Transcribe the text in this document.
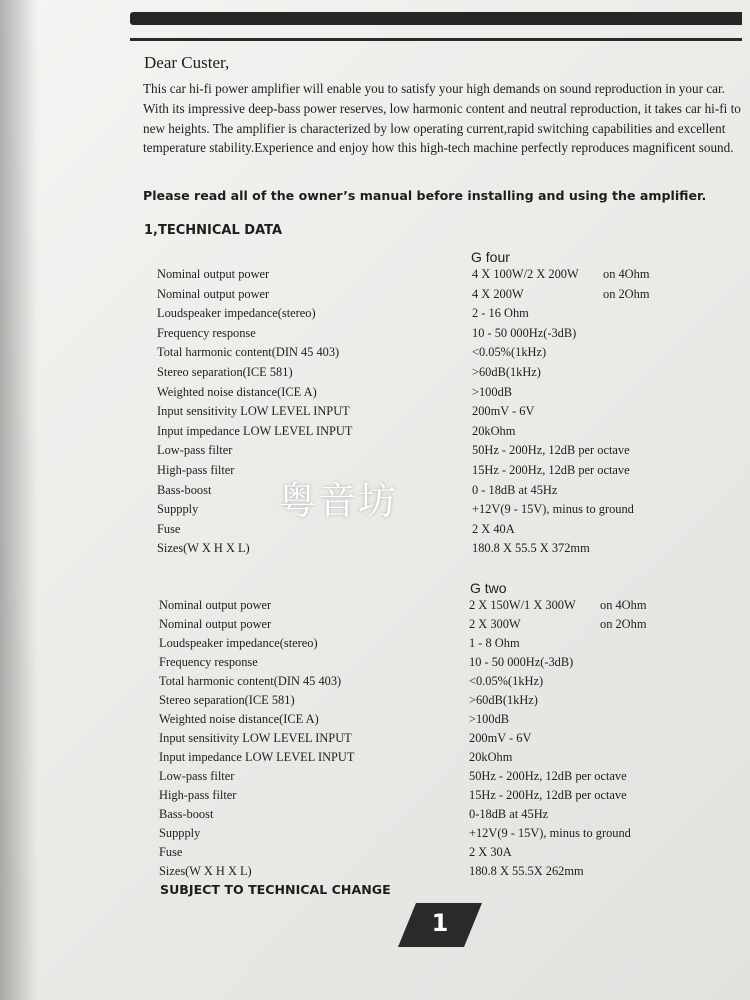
Dear Custer,
This car hi-fi power amplifier will enable you to satisfy your high demands on sound reproduction in your car. With its impressive deep-bass power reserves, low harmonic content and neutral reproduction, it takes car hi-fi to new heights. The amplifier is characterized by low operating current,rapid switching capabilities and excellent temperature stability.Experience and enjoy how this high-tech machine perfectly reproduces magnificent sound.
Please read all of the owner’s manual before installing and using the amplifier.
1,TECHNICAL DATA
G four
Nominal output power	4 X 100W/2 X 200W on 4Ohm
Nominal output power	4 X 200W	on 2Ohm
Loudspeaker impedance(stereo)	2 - 16 Ohm
Frequency response	10 - 50 000Hz(-3dB)
Total harmonic content(DIN 45 403)	<0.05%(1kHz)
Stereo separation(ICE 581)	>60dB(1kHz)
Weighted noise distance(ICE A)	>100dB
Input sensitivity LOW LEVEL INPUT	200mV - 6V
Input impedance LOW LEVEL INPUT	20kOhm
Low-pass filter	50Hz - 200Hz, 12dB per octave
High-pass filter	15Hz - 200Hz, 12dB per octave
Bass-boost	0 - 18dB at 45Hz
Suppply	+12V(9 - 15V), minus to ground
Fuse	2 X 40A
Sizes(W X H X L)	180.8 X 55.5 X 372mm
G two
Nominal output power	2 X 150W/1 X 300W on 4Ohm
Nominal output power	2 X 300W	on 2Ohm
Loudspeaker impedance(stereo)	1 - 8 Ohm
Frequency response	10 - 50 000Hz(-3dB)
Total harmonic content(DIN 45 403)	<0.05%(1kHz)
Stereo separation(ICE 581)	>60dB(1kHz)
Weighted noise distance(ICE A)	>100dB
Input sensitivity LOW LEVEL INPUT	200mV - 6V
Input impedance LOW LEVEL INPUT	20kOhm
Low-pass filter	50Hz - 200Hz, 12dB per octave
High-pass filter	15Hz - 200Hz, 12dB per octave
Bass-boost	0-18dB at 45Hz
Suppply	+12V(9 - 15V), minus to ground
Fuse	2 X 30A
Sizes(W X H X L)	180.8 X 55.5X 262mm
粤音坊
SUBJECT TO TECHNICAL CHANGE
1
